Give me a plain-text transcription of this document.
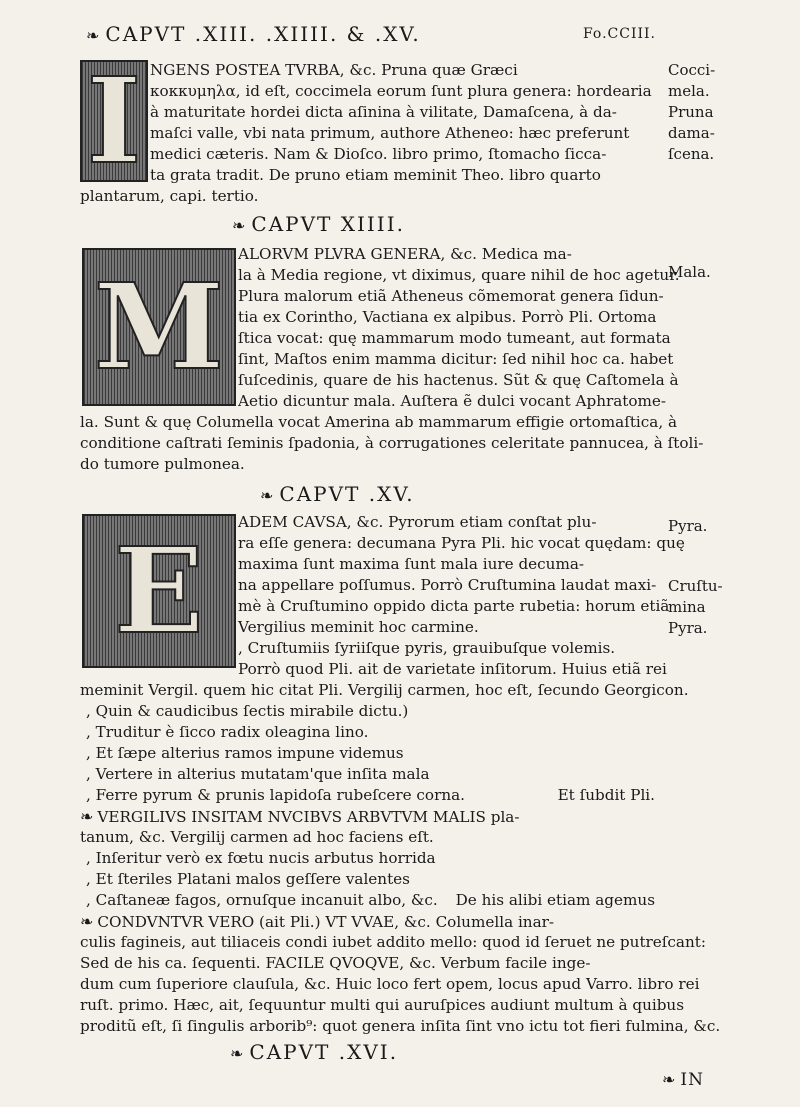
❧ CAPVT .XIII. .XIIII. & .XV.	Fo.CCIII.
I NGENS POSTEA TVRBA, &c. Pruna quæ Græci
κοκκυμηλα, id eſt, coccimela eorum ſunt plura genera: hordearia
à maturitate hordei dicta aſinina à vilitate, Damaſcena, à da-
maſci valle, vbi nata primum, authore Atheneo: hæc preferunt
medici cæteris. Nam & Dioſco. libro primo, ſtomacho ſicca-
ta grata tradit. De pruno etiam meminit Theo. libro quarto
plantarum, capi. tertio.
Cocci-
mela.
Pruna
dama-
ſcena.
❧ CAPVT XIIII.
M
ALORVM PLVRA GENERA, &c. Medica ma-
la à Media regione, vt diximus, quare nihil de hoc agetur.
Plura malorum etiã Atheneus cõmemorat genera ſidun-
tia ex Corintho, Vactiana ex alpibus. Porrò Pli. Ortoma
ſtica vocat: quę mammarum modo tumeant, aut formata
ſint, Maſtos enim mamma dicitur: ſed nihil hoc ca. habet
ſuſcedinis, quare de his hactenus. Sũt & quę Caſtomela à
Aetio dicuntur mala. Auſtera ẽ dulci vocant Aphratome-
la. Sunt & quę Columella vocat Amerina ab mammarum effigie ortomaſtica, à
conditione caſtrati ſeminis ſpadonia, à corrugationes celeritate pannucea, à ſtoli-
do tumore pulmonea.
Mala.
❧ CAPVT .XV.
E ADEM CAVSA, &c. Pyrorum etiam conſtat plu-
ra eſſe genera: decumana Pyra Pli. hic vocat quędam: quę
maxima ſunt maxima ſunt mala iure decuma-
na appellare poſſumus. Porrò Cruſtumina laudat maxi-
mè à Cruſtumino oppido dicta parte rubetia: horum etiã
Vergilius meminit hoc carmine.
, Cruſtumiis ſyriiſque pyris, grauibuſque volemis.
Porrò quod Pli. ait de varietate inſitorum. Huius etiã rei
meminit Vergil. quem hic citat Pli. Vergilij carmen, hoc eſt, ſecundo Georgicon.
, Quin & caudicibus ſectis mirabile dictu.)
, Truditur è ſicco radix oleagina lino.
, Et ſæpe alterius ramos impune videmus
, Vertere in alterius mutatam'que inſita mala
, Ferre pyrum & prunis lapidoſa rubeſcere corna.	Et ſubdit Pli.
❧ VERGILIVS INSITAM NVCIBVS ARBVTVM MALIS pla-
tanum, &c. Vergilij carmen ad hoc faciens eſt.
, Inſeritur verò ex fœtu nucis arbutus horrida
, Et ſteriles Platani malos geſſere valentes
, Caſtaneæ fagos, ornuſque incanuit albo, &c. De his alibi etiam agemus
❧ CONDVNTVR VERO (ait Pli.) VT VVAE, &c. Columella inar-
culis fagineis, aut tiliaceis condi iubet addito mello: quod id ſeruet ne putreſcant:
Sed de his ca. ſequenti. FACILE QVOQVE, &c. Verbum facile inge-
dum cum ſuperiore clauſula, &c. Huic loco fert opem, locus apud Varro. libro rei
ruſt. primo. Hæc, ait, ſequuntur multi qui auruſpices audiunt multum à quibus
proditũ eſt, ſi ſingulis arborib⁹: quot genera inſita ſint vno ictu tot fieri fulmina, &c.
Pyra.
Cruſtu-
mina
Pyra.
❧ CAPVT .XVI.
❧ IN
